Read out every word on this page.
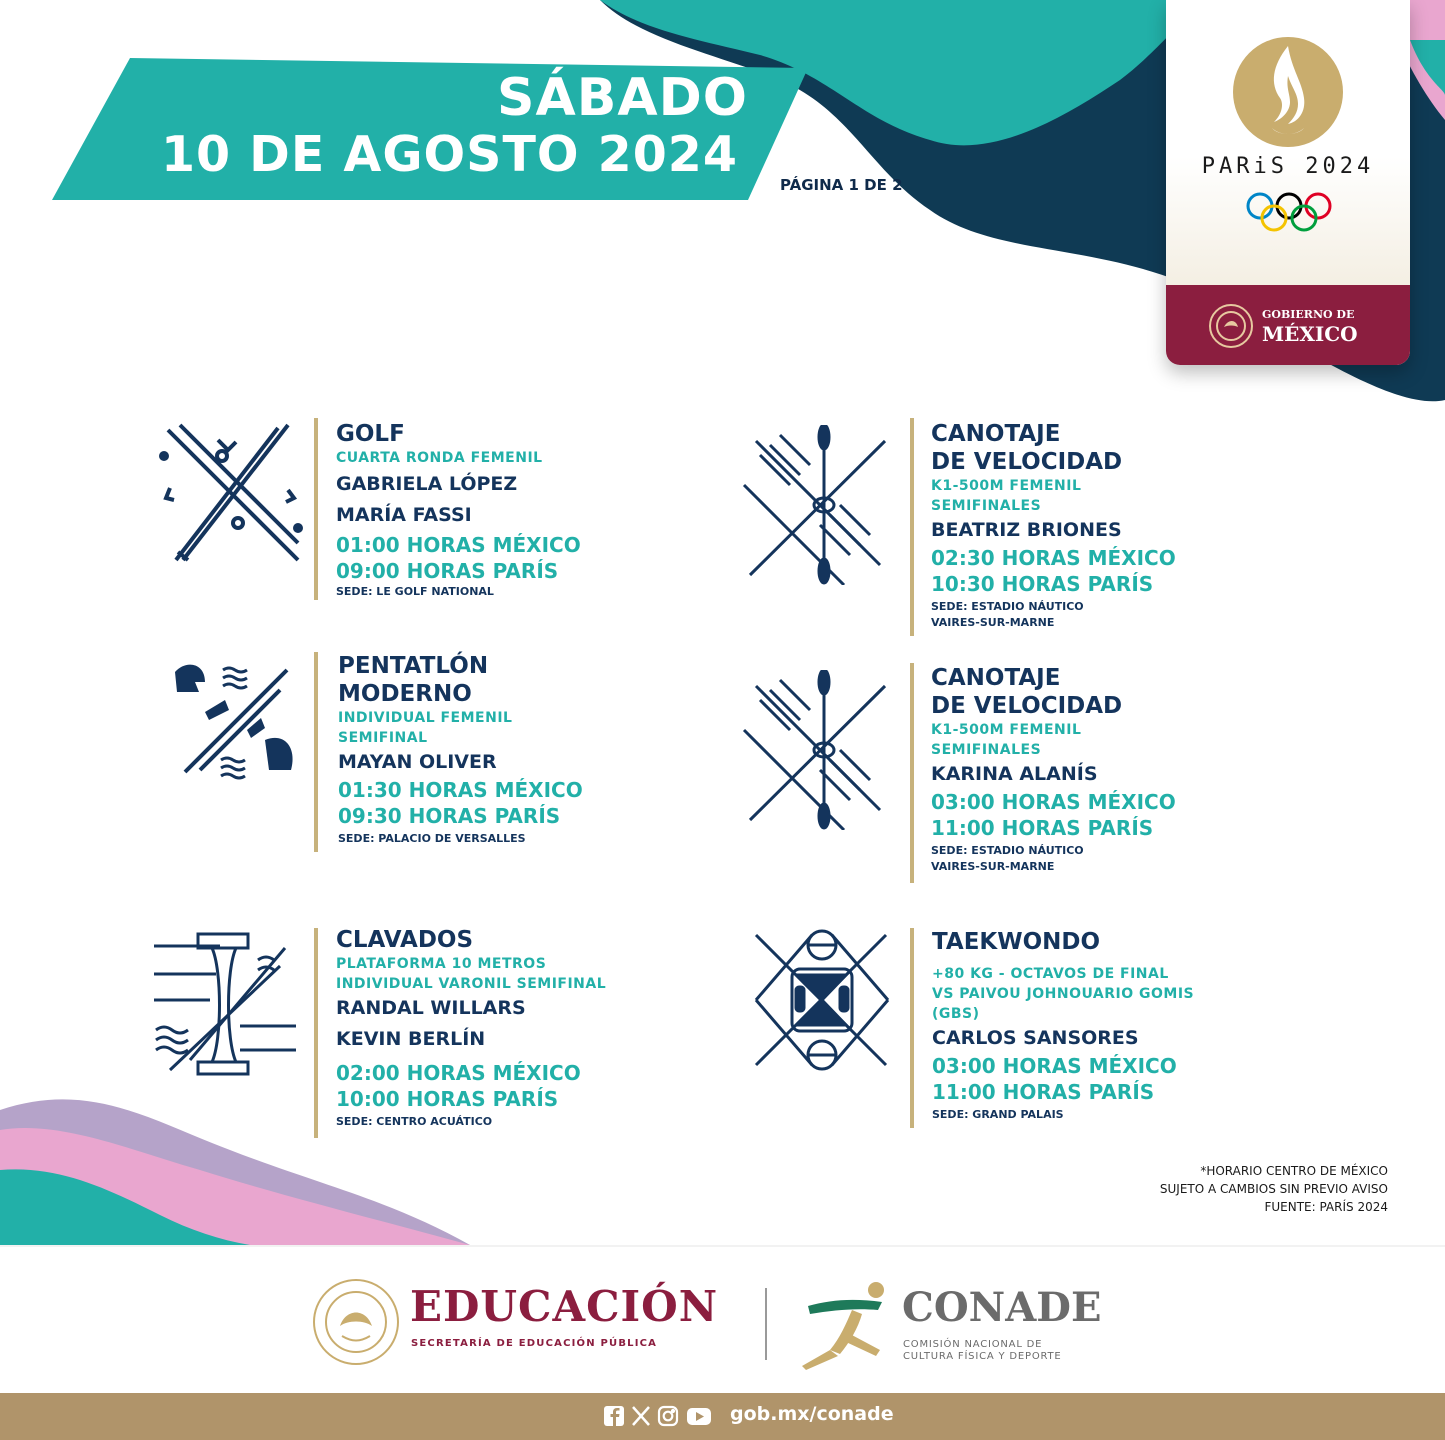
SÁBADO
10 DE AGOSTO 2024
PÁGINA 1 DE 2
PARiS 2024
GOBIERNO DE
MÉXICO
GOLF
CUARTA RONDA FEMENIL
GABRIELA LÓPEZ
MARÍA FASSI
01:00 HORAS MÉXICO
09:00 HORAS PARÍS
SEDE: LE GOLF NATIONAL
PENTATLÓN
MODERNO
INDIVIDUAL FEMENIL
SEMIFINAL
MAYAN OLIVER
01:30 HORAS MÉXICO
09:30 HORAS PARÍS
SEDE: PALACIO DE VERSALLES
CLAVADOS
PLATAFORMA 10 METROS
INDIVIDUAL VARONIL SEMIFINAL
RANDAL WILLARS
KEVIN BERLÍN
02:00 HORAS MÉXICO
10:00 HORAS PARÍS
SEDE: CENTRO ACUÁTICO
CANOTAJE
DE VELOCIDAD
K1-500M FEMENIL
SEMIFINALES
BEATRIZ BRIONES
02:30 HORAS MÉXICO
10:30 HORAS PARÍS
SEDE: ESTADIO NÁUTICO
VAIRES-SUR-MARNE
CANOTAJE
DE VELOCIDAD
K1-500M FEMENIL
SEMIFINALES
KARINA ALANÍS
03:00 HORAS MÉXICO
11:00 HORAS PARÍS
SEDE: ESTADIO NÁUTICO
VAIRES-SUR-MARNE
TAEKWONDO
+80 KG - OCTAVOS DE FINAL
VS PAIVOU JOHNOUARIO GOMIS
(GBS)
CARLOS SANSORES
03:00 HORAS MÉXICO
11:00 HORAS PARÍS
SEDE: GRAND PALAIS
*HORARIO CENTRO DE MÉXICO
SUJETO A CAMBIOS SIN PREVIO AVISO
FUENTE: PARÍS 2024
EDUCACIÓN
SECRETARÍA DE EDUCACIÓN PÚBLICA
CONADE
COMISIÓN NACIONAL DE
CULTURA FÍSICA Y DEPORTE
gob.mx/conade
